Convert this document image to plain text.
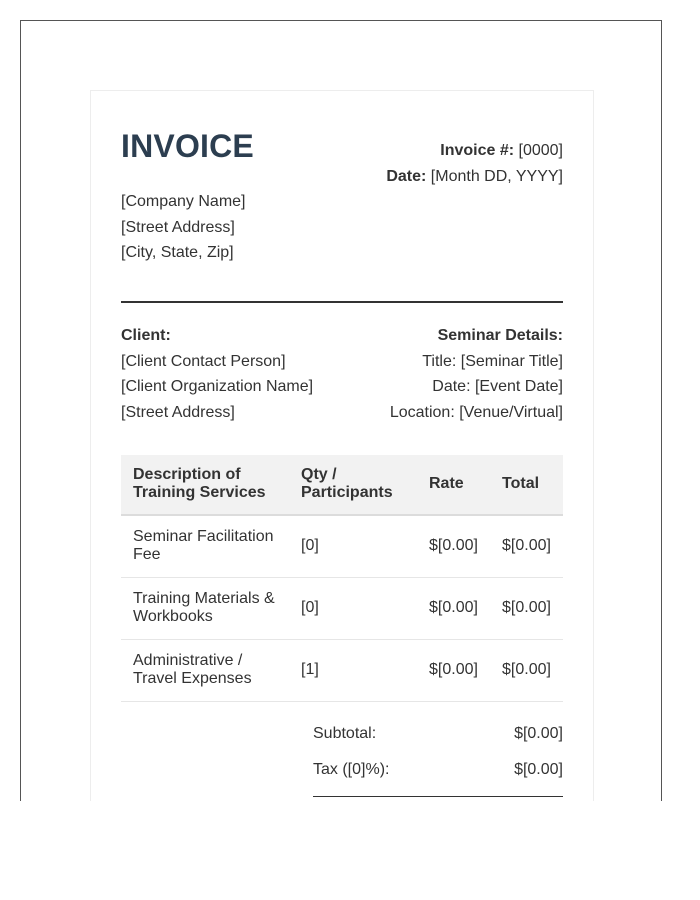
INVOICE
[Company Name]
[Street Address]
[City, State, Zip]
Invoice #: [0000]
Date: [Month DD, YYYY]
Client:
[Client Contact Person]
[Client Organization Name]
[Street Address]
Seminar Details:
Title: [Seminar Title]
Date: [Event Date]
Location: [Venue/Virtual]
Description of Training Services	Qty / Participants	Rate	Total
Seminar Facilitation Fee	[0]	$[0.00]	$[0.00]
Training Materials & Workbooks	[0]	$[0.00]	$[0.00]
Administrative / Travel Expenses	[1]	$[0.00]	$[0.00]
Subtotal:	$[0.00]
Tax ([0]%):	$[0.00]
